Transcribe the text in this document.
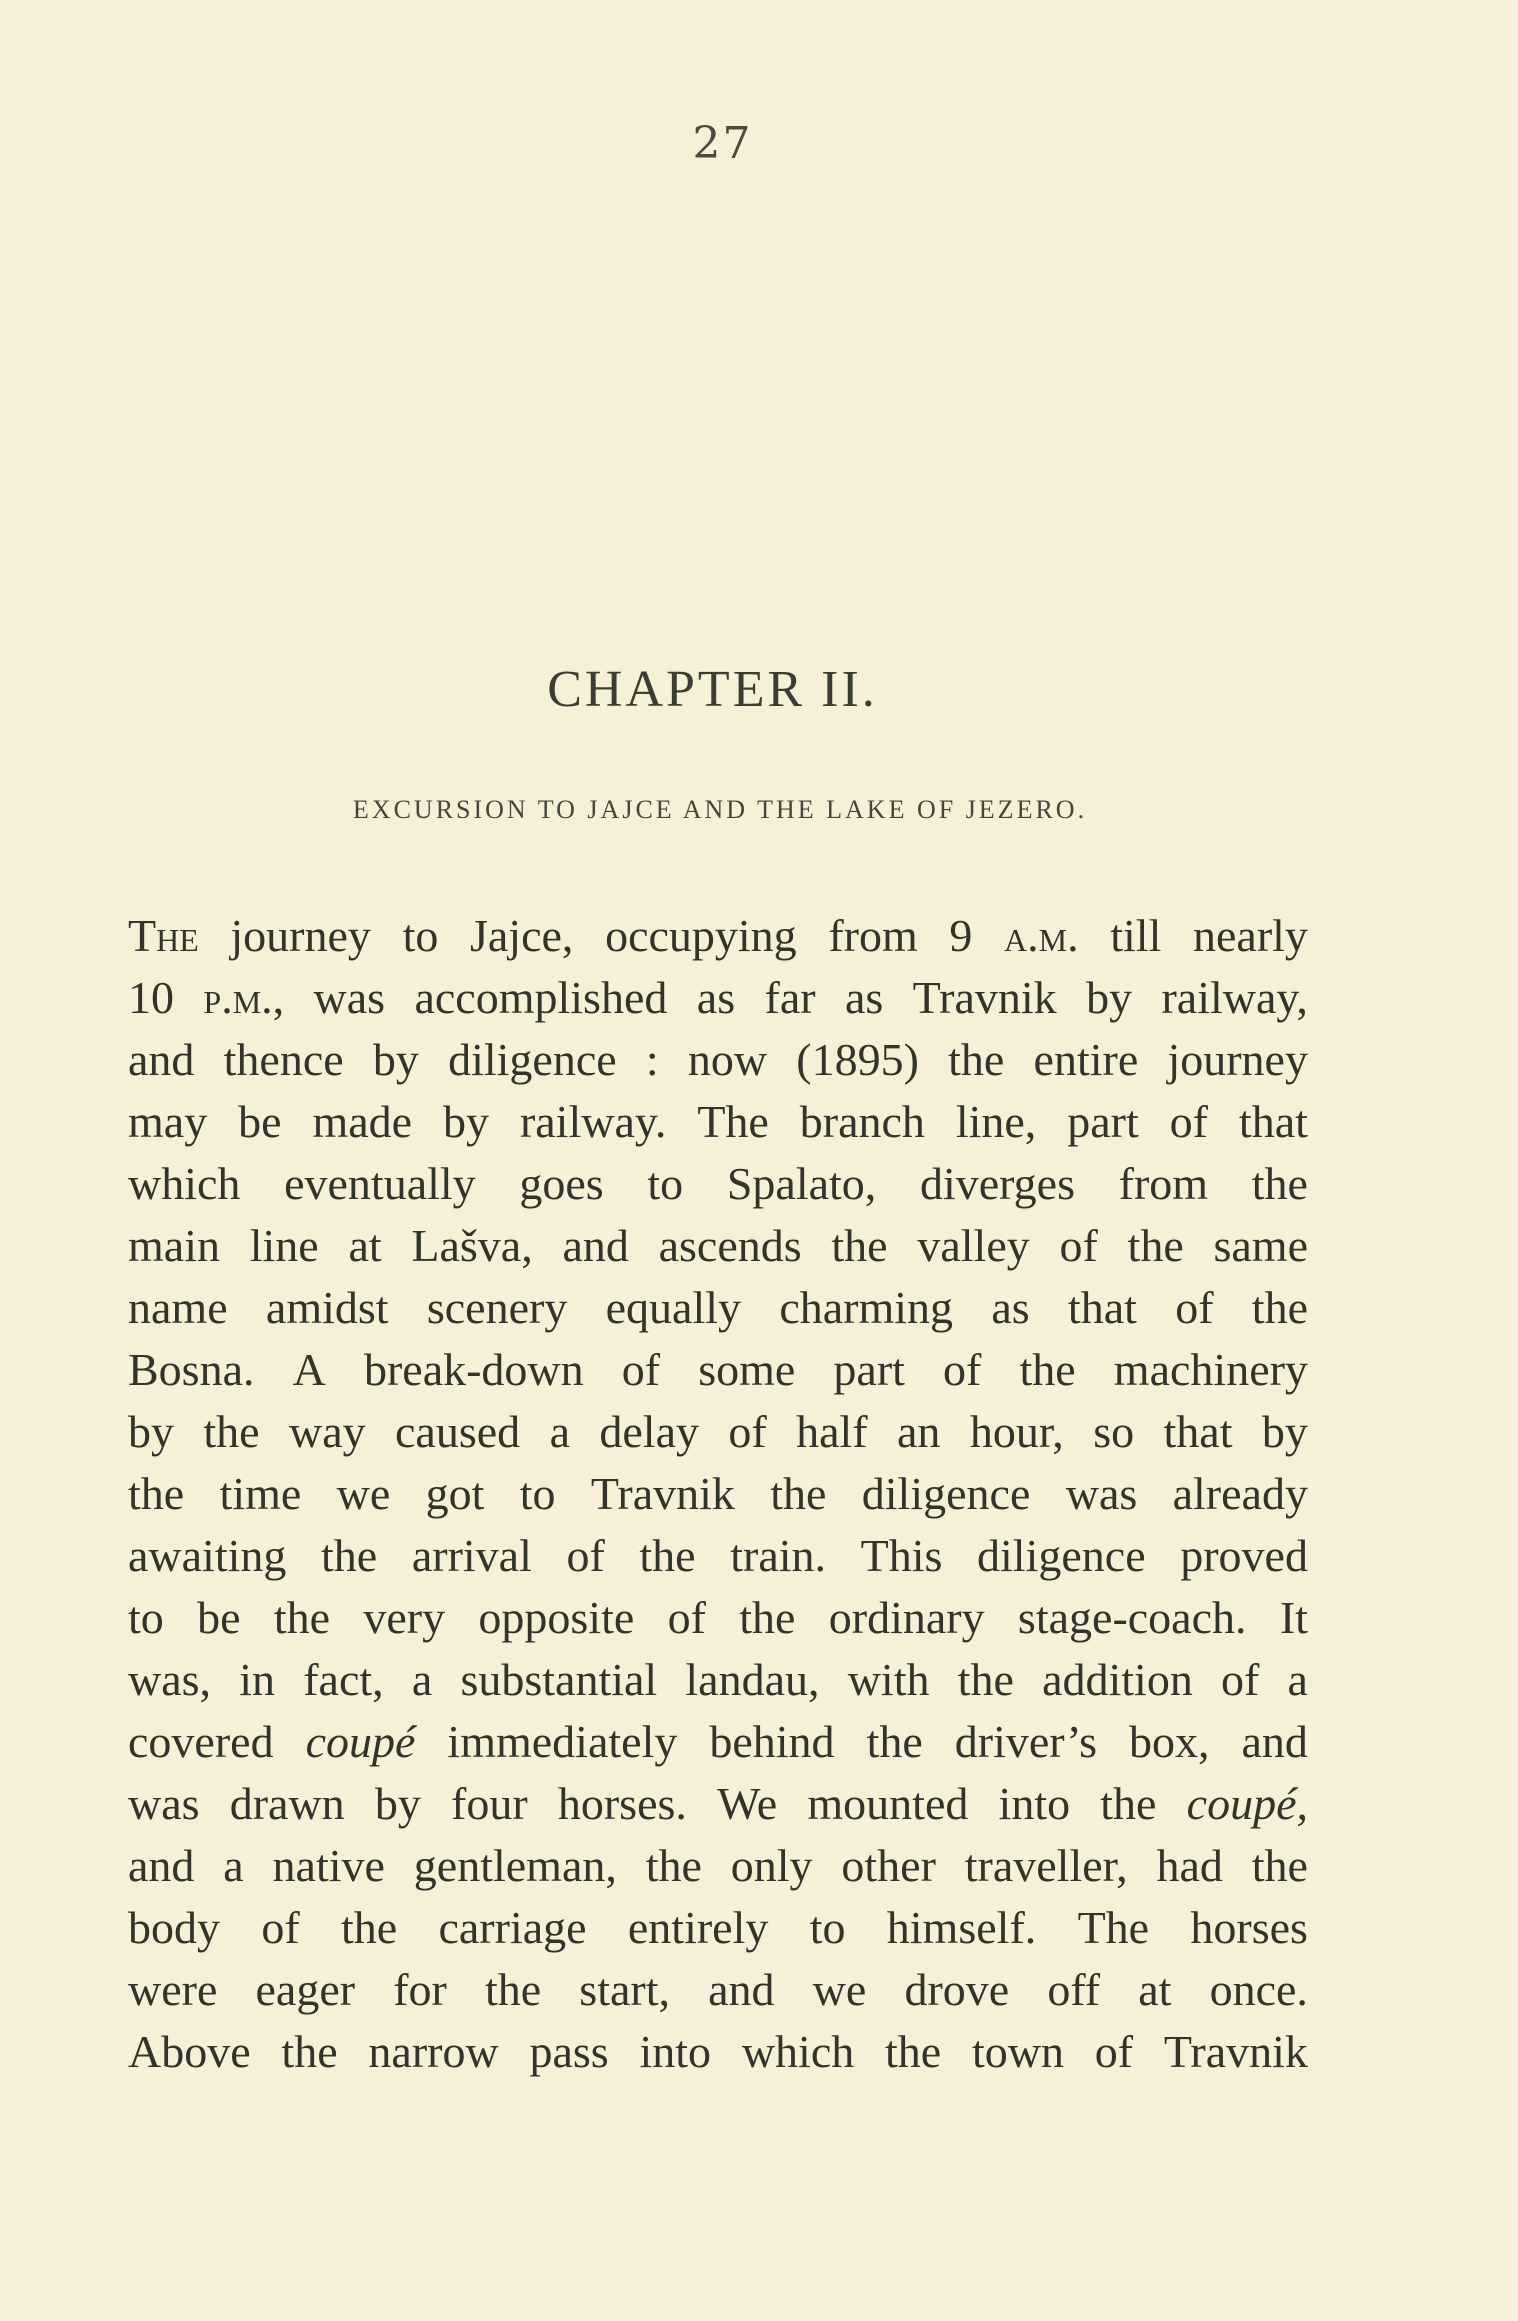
27
CHAPTER II.
EXCURSION TO JAJCE AND THE LAKE OF JEZERO.
The journey to Jajce, occupying from 9 a.m. till nearly
10 p.m., was accomplished as far as Travnik by railway,
and thence by diligence : now (1895) the entire journey
may be made by railway. The branch line, part of that
which eventually goes to Spalato, diverges from the
main line at Lašva, and ascends the valley of the same
name amidst scenery equally charming as that of the
Bosna. A break-down of some part of the machinery
by the way caused a delay of half an hour, so that by
the time we got to Travnik the diligence was already
awaiting the arrival of the train. This diligence proved
to be the very opposite of the ordinary stage-coach. It
was, in fact, a substantial landau, with the addition of a
covered coupé immediately behind the driver’s box, and
was drawn by four horses. We mounted into the coupé,
and a native gentleman, the only other traveller, had the
body of the carriage entirely to himself. The horses
were eager for the start, and we drove off at once.
Above the narrow pass into which the town of Travnik
